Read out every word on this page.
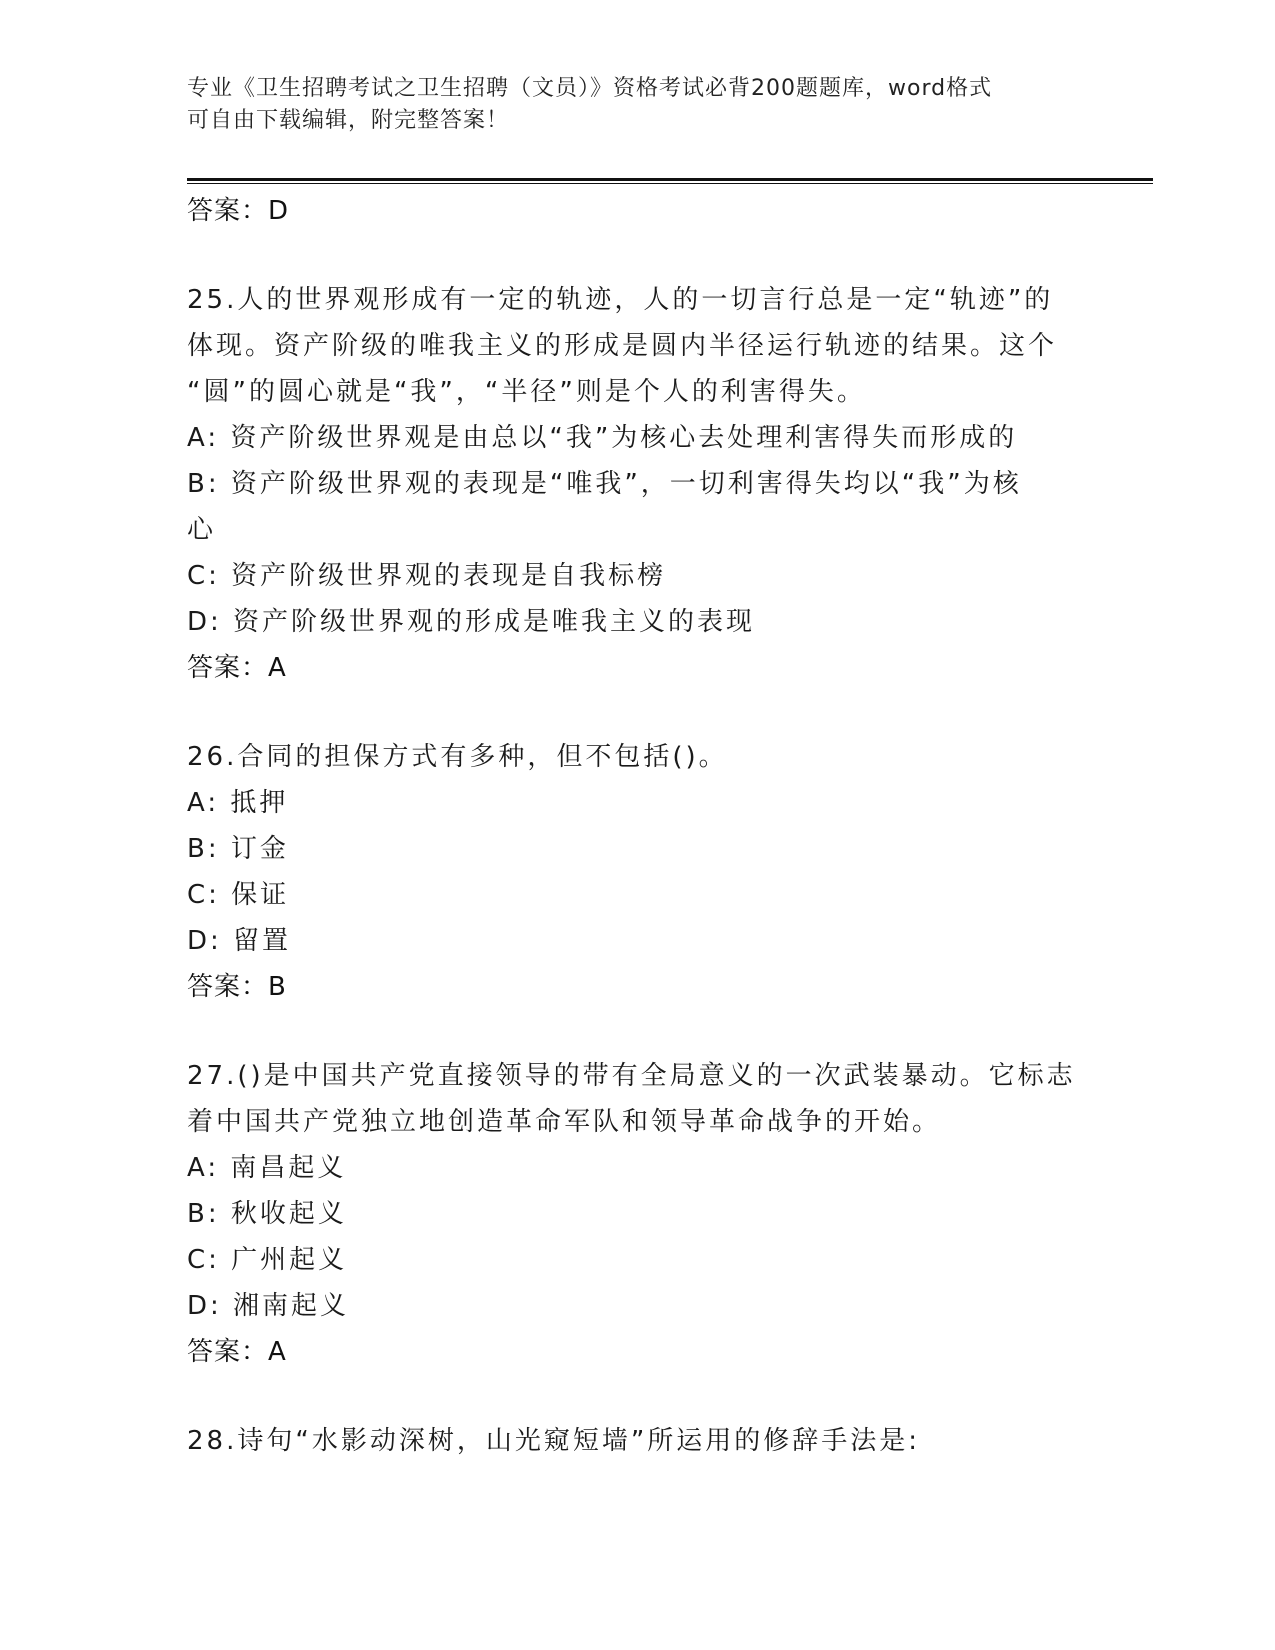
专业《卫生招聘考试之卫生招聘（文员）》资格考试必背200题题库，word格式
可自由下载编辑，附完整答案！
答案：D
25.人的世界观形成有一定的轨迹，人的一切言行总是一定“轨迹”的
体现。资产阶级的唯我主义的形成是圆内半径运行轨迹的结果。这个
“圆”的圆心就是“我”，“半径”则是个人的利害得失。
A: 资产阶级世界观是由总以“我”为核心去处理利害得失而形成的
B: 资产阶级世界观的表现是“唯我”，一切利害得失均以“我”为核
心
C: 资产阶级世界观的表现是自我标榜
D: 资产阶级世界观的形成是唯我主义的表现
答案：A
26.合同的担保方式有多种，但不包括()。
A: 抵押
B: 订金
C: 保证
D: 留置
答案：B
27.()是中国共产党直接领导的带有全局意义的一次武装暴动。它标志
着中国共产党独立地创造革命军队和领导革命战争的开始。
A: 南昌起义
B: 秋收起义
C: 广州起义
D: 湘南起义
答案：A
28.诗句“水影动深树，山光窥短墙”所运用的修辞手法是:
